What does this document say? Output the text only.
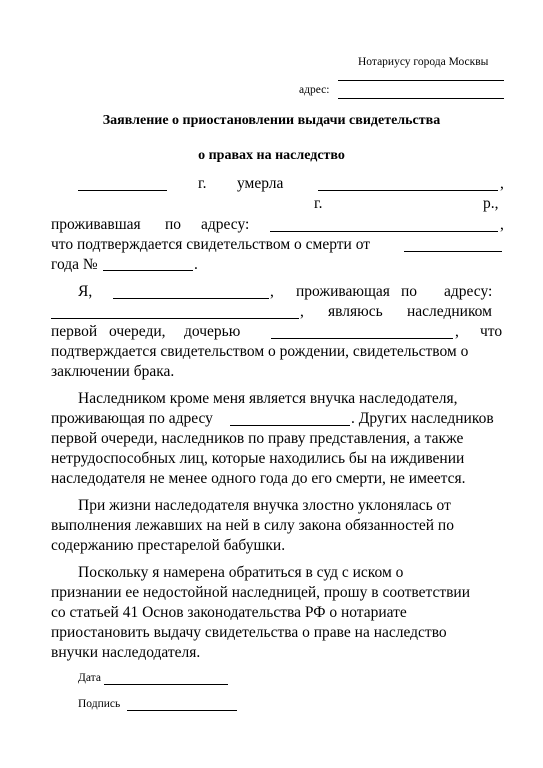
Нотариусу города Москвы
адрес:
Заявление о приостановлении выдачи свидетельства
о правах на наследство
г. умерла	,
г.	р.,
проживавшая по адресу:	,
что подтверждается свидетельством о смерти от
года №	.
Я,	, проживающая по адресу:
, являюсь наследником
первой очереди, дочерью	, что
подтверждается свидетельством о рождении, свидетельством о
заключении брака.
Наследником кроме меня является внучка наследодателя,
проживающая по адресу	. Других наследников
первой очереди, наследников по праву представления, а также
нетрудоспособных лиц, которые находились бы на иждивении
наследодателя не менее одного года до его смерти, не имеется.
При жизни наследодателя внучка злостно уклонялась от
выполнения лежавших на ней в силу закона обязанностей по
содержанию престарелой бабушки.
Поскольку я намерена обратиться в суд с иском о
признании ее недостойной наследницей, прошу в соответствии
со статьей 41 Основ законодательства РФ о нотариате
приостановить выдачу свидетельства о праве на наследство
внучки наследодателя.
Дата
Подпись
